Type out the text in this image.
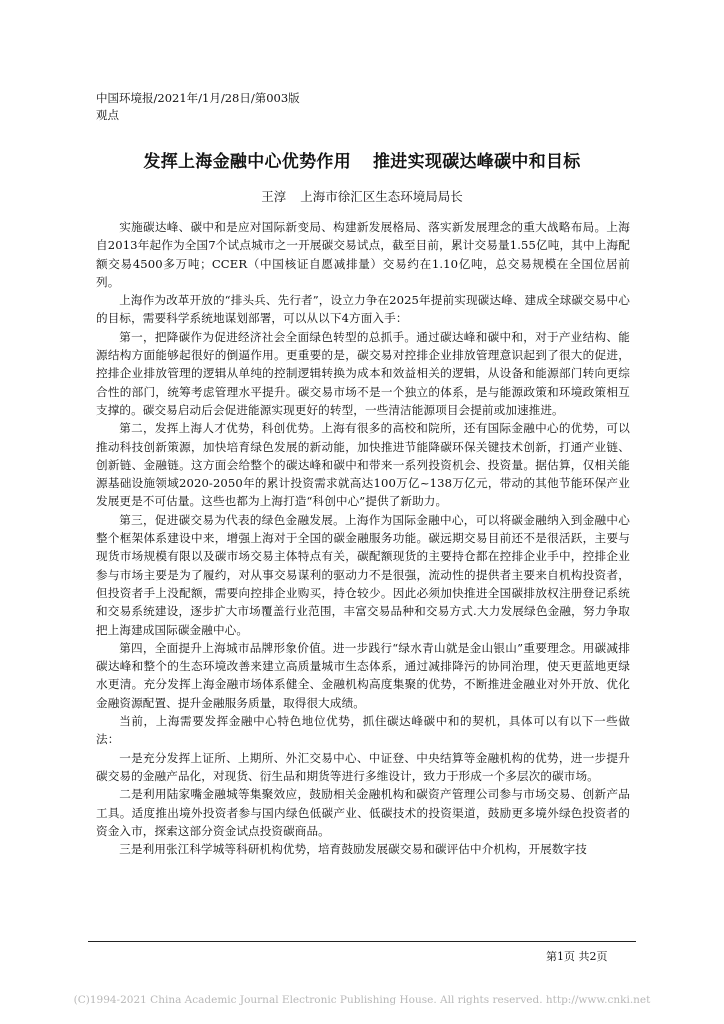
中国环境报/2021年/1月/28日/第003版
观点
发挥上海金融中心优势作用 推进实现碳达峰碳中和目标
王淳 上海市徐汇区生态环境局局长

实施碳达峰、碳中和是应对国际新变局、构建新发展格局、落实新发展理念的重大战略布局。上海自2013年起作为全国7个试点城市之一开展碳交易试点，截至目前，累计交易量1.55亿吨，其中上海配额交易4500多万吨；CCER（中国核证自愿减排量）交易约在1.10亿吨，总交易规模在全国位居前列。

上海作为改革开放的“排头兵、先行者”，设立力争在2025年提前实现碳达峰、建成全球碳交易中心的目标，需要科学系统地谋划部署，可以从以下4方面入手：

第一，把降碳作为促进经济社会全面绿色转型的总抓手。通过碳达峰和碳中和，对于产业结构、能源结构方面能够起很好的倒逼作用。更重要的是，碳交易对控排企业排放管理意识起到了很大的促进，控排企业排放管理的逻辑从单纯的控制逻辑转换为成本和效益相关的逻辑，从设备和能源部门转向更综合性的部门，统筹考虑管理水平提升。碳交易市场不是一个独立的体系，是与能源政策和环境政策相互支撑的。碳交易启动后会促进能源实现更好的转型，一些清洁能源项目会提前或加速推进。

第二，发挥上海人才优势，科创优势。上海有很多的高校和院所，还有国际金融中心的优势，可以推动科技创新策源，加快培育绿色发展的新动能，加快推进节能降碳环保关键技术创新，打通产业链、创新链、金融链。这方面会给整个的碳达峰和碳中和带来一系列投资机会、投资量。据估算，仅相关能源基础设施领域2020-2050年的累计投资需求就高达100万亿~138万亿元，带动的其他节能环保产业发展更是不可估量。这些也都为上海打造“科创中心”提供了新助力。

第三，促进碳交易为代表的绿色金融发展。上海作为国际金融中心，可以将碳金融纳入到金融中心整个框架体系建设中来，增强上海对于全国的碳金融服务功能。碳远期交易目前还不是很活跃，主要与现货市场规模有限以及碳市场交易主体特点有关，碳配额现货的主要持仓都在控排企业手中，控排企业参与市场主要是为了履约，对从事交易谋利的驱动力不是很强，流动性的提供者主要来自机构投资者，但投资者手上没配额，需要向控排企业购买，持仓较少。因此必须加快推进全国碳排放权注册登记系统和交易系统建设，逐步扩大市场覆盖行业范围，丰富交易品种和交易方式.大力发展绿色金融，努力争取把上海建成国际碳金融中心。

第四，全面提升上海城市品牌形象价值。进一步践行“绿水青山就是金山银山”重要理念。用碳减排碳达峰和整个的生态环境改善来建立高质量城市生态体系，通过减排降污的协同治理，使天更蓝地更绿水更清。充分发挥上海金融市场体系健全、金融机构高度集聚的优势，不断推进金融业对外开放、优化金融资源配置、提升金融服务质量，取得很大成绩。

当前，上海需要发挥金融中心特色地位优势，抓住碳达峰碳中和的契机，具体可以有以下一些做法：

一是充分发挥上证所、上期所、外汇交易中心、中证登、中央结算等金融机构的优势，进一步提升碳交易的金融产品化，对现货、衍生品和期货等进行多维设计，致力于形成一个多层次的碳市场。

二是利用陆家嘴金融城等集聚效应，鼓励相关金融机构和碳资产管理公司参与市场交易、创新产品工具。适度推出境外投资者参与国内绿色低碳产业、低碳技术的投资渠道，鼓励更多境外绿色投资者的资金入市，探索这部分资金试点投资碳商品。

三是利用张江科学城等科研机构优势，培育鼓励发展碳交易和碳评估中介机构，开展数字技

第1页 共2页
(C)1994-2021 China Academic Journal Electronic Publishing House. All rights reserved. http://www.cnki.net
